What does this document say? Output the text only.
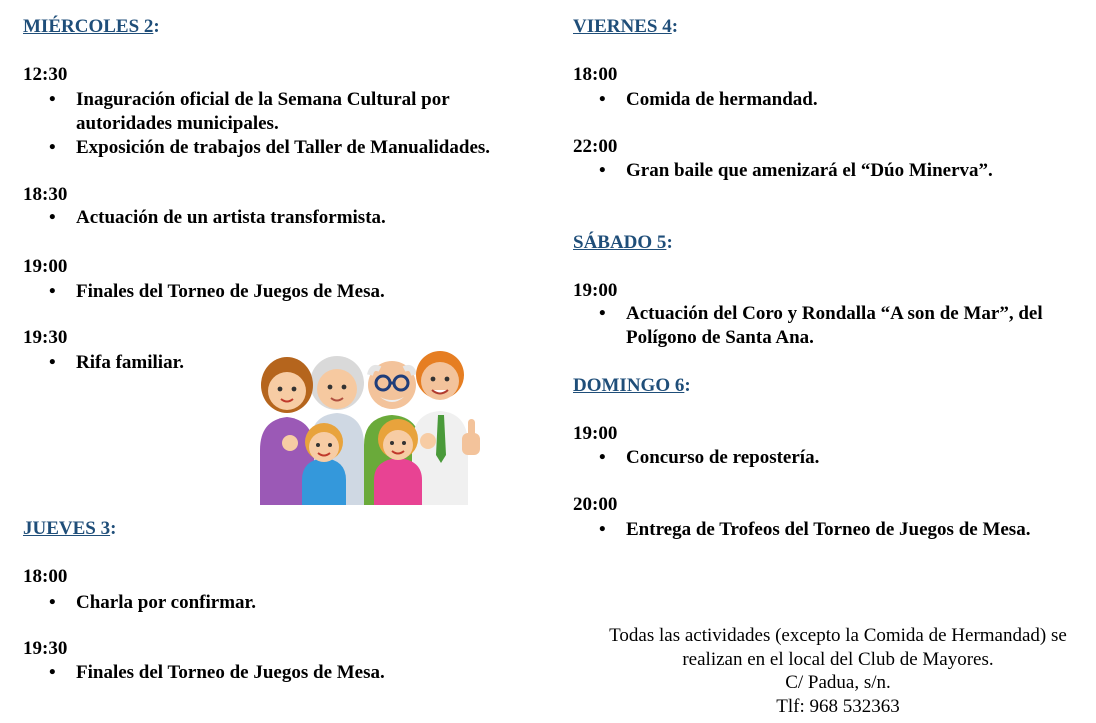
MIÉRCOLES 2:
12:30
• Inaguración oficial de la Semana Cultural por autoridades municipales.
• Exposición de trabajos del Taller de Manualidades.
18:30
• Actuación de un artista transformista.
19:00
• Finales del Torneo de Juegos de Mesa.
19:30
• Rifa familiar.
JUEVES 3:
18:00
• Charla por confirmar.
19:30
• Finales del Torneo de Juegos de Mesa.
VIERNES 4:
18:00
• Comida de hermandad.
22:00
• Gran baile que amenizará el “Dúo Minerva”.
SÁBADO 5:
19:00
• Actuación del Coro y Rondalla “A son de Mar”, del Polígono de Santa Ana.
DOMINGO 6:
19:00
• Concurso de repostería.
20:00
• Entrega de Trofeos del Torneo de Juegos de Mesa.
Todas las actividades (excepto la Comida de Hermandad) se
realizan en el local del Club de Mayores.
C/ Padua, s/n.
Tlf: 968 532363
